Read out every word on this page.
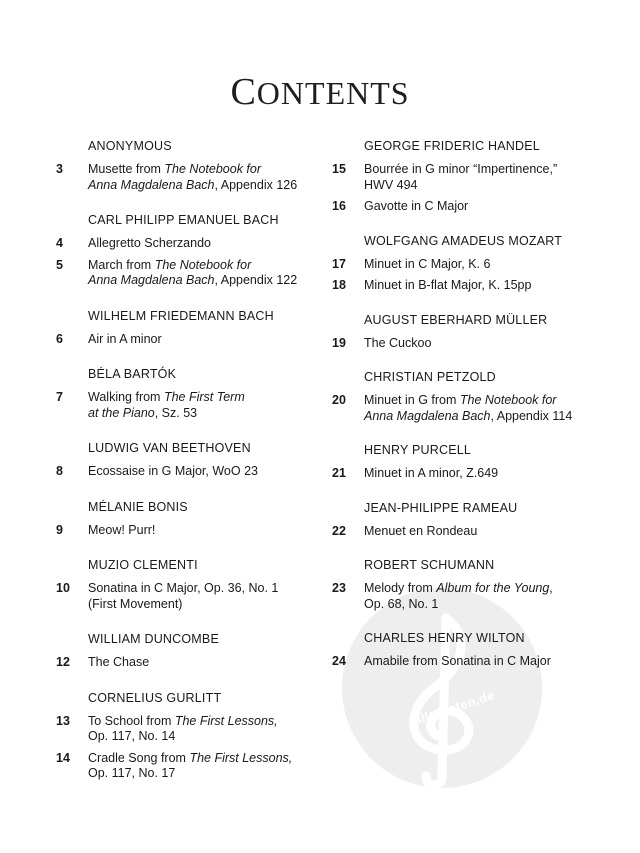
alle-noten.de
CONTENTS
ANONYMOUS
3	Musette from The Notebook for
Anna Magdalena Bach, Appendix 126
CARL PHILIPP EMANUEL BACH
4	Allegretto Scherzando
5	March from The Notebook for
Anna Magdalena Bach, Appendix 122
WILHELM FRIEDEMANN BACH
6	Air in A minor
BÉLA BARTÓK
7	Walking from The First Term
at the Piano, Sz. 53
LUDWIG VAN BEETHOVEN
8	Ecossaise in G Major, WoO 23
MÉLANIE BONIS
9	Meow! Purr!
MUZIO CLEMENTI
10	Sonatina in C Major, Op. 36, No. 1
(First Movement)
WILLIAM DUNCOMBE
12	The Chase
CORNELIUS GURLITT
13	To School from The First Lessons,
Op. 117, No. 14
14	Cradle Song from The First Lessons,
Op. 117, No. 17
GEORGE FRIDERIC HANDEL
15	Bourrée in G minor “Impertinence,”
HWV 494
16	Gavotte in C Major
WOLFGANG AMADEUS MOZART
17	Minuet in C Major, K. 6
18	Minuet in B-flat Major, K. 15pp
AUGUST EBERHARD MÜLLER
19	The Cuckoo
CHRISTIAN PETZOLD
20	Minuet in G from The Notebook for
Anna Magdalena Bach, Appendix 114
HENRY PURCELL
21	Minuet in A minor, Z.649
JEAN-PHILIPPE RAMEAU
22	Menuet en Rondeau
ROBERT SCHUMANN
23	Melody from Album for the Young,
Op. 68, No. 1
CHARLES HENRY WILTON
24	Amabile from Sonatina in C Major
